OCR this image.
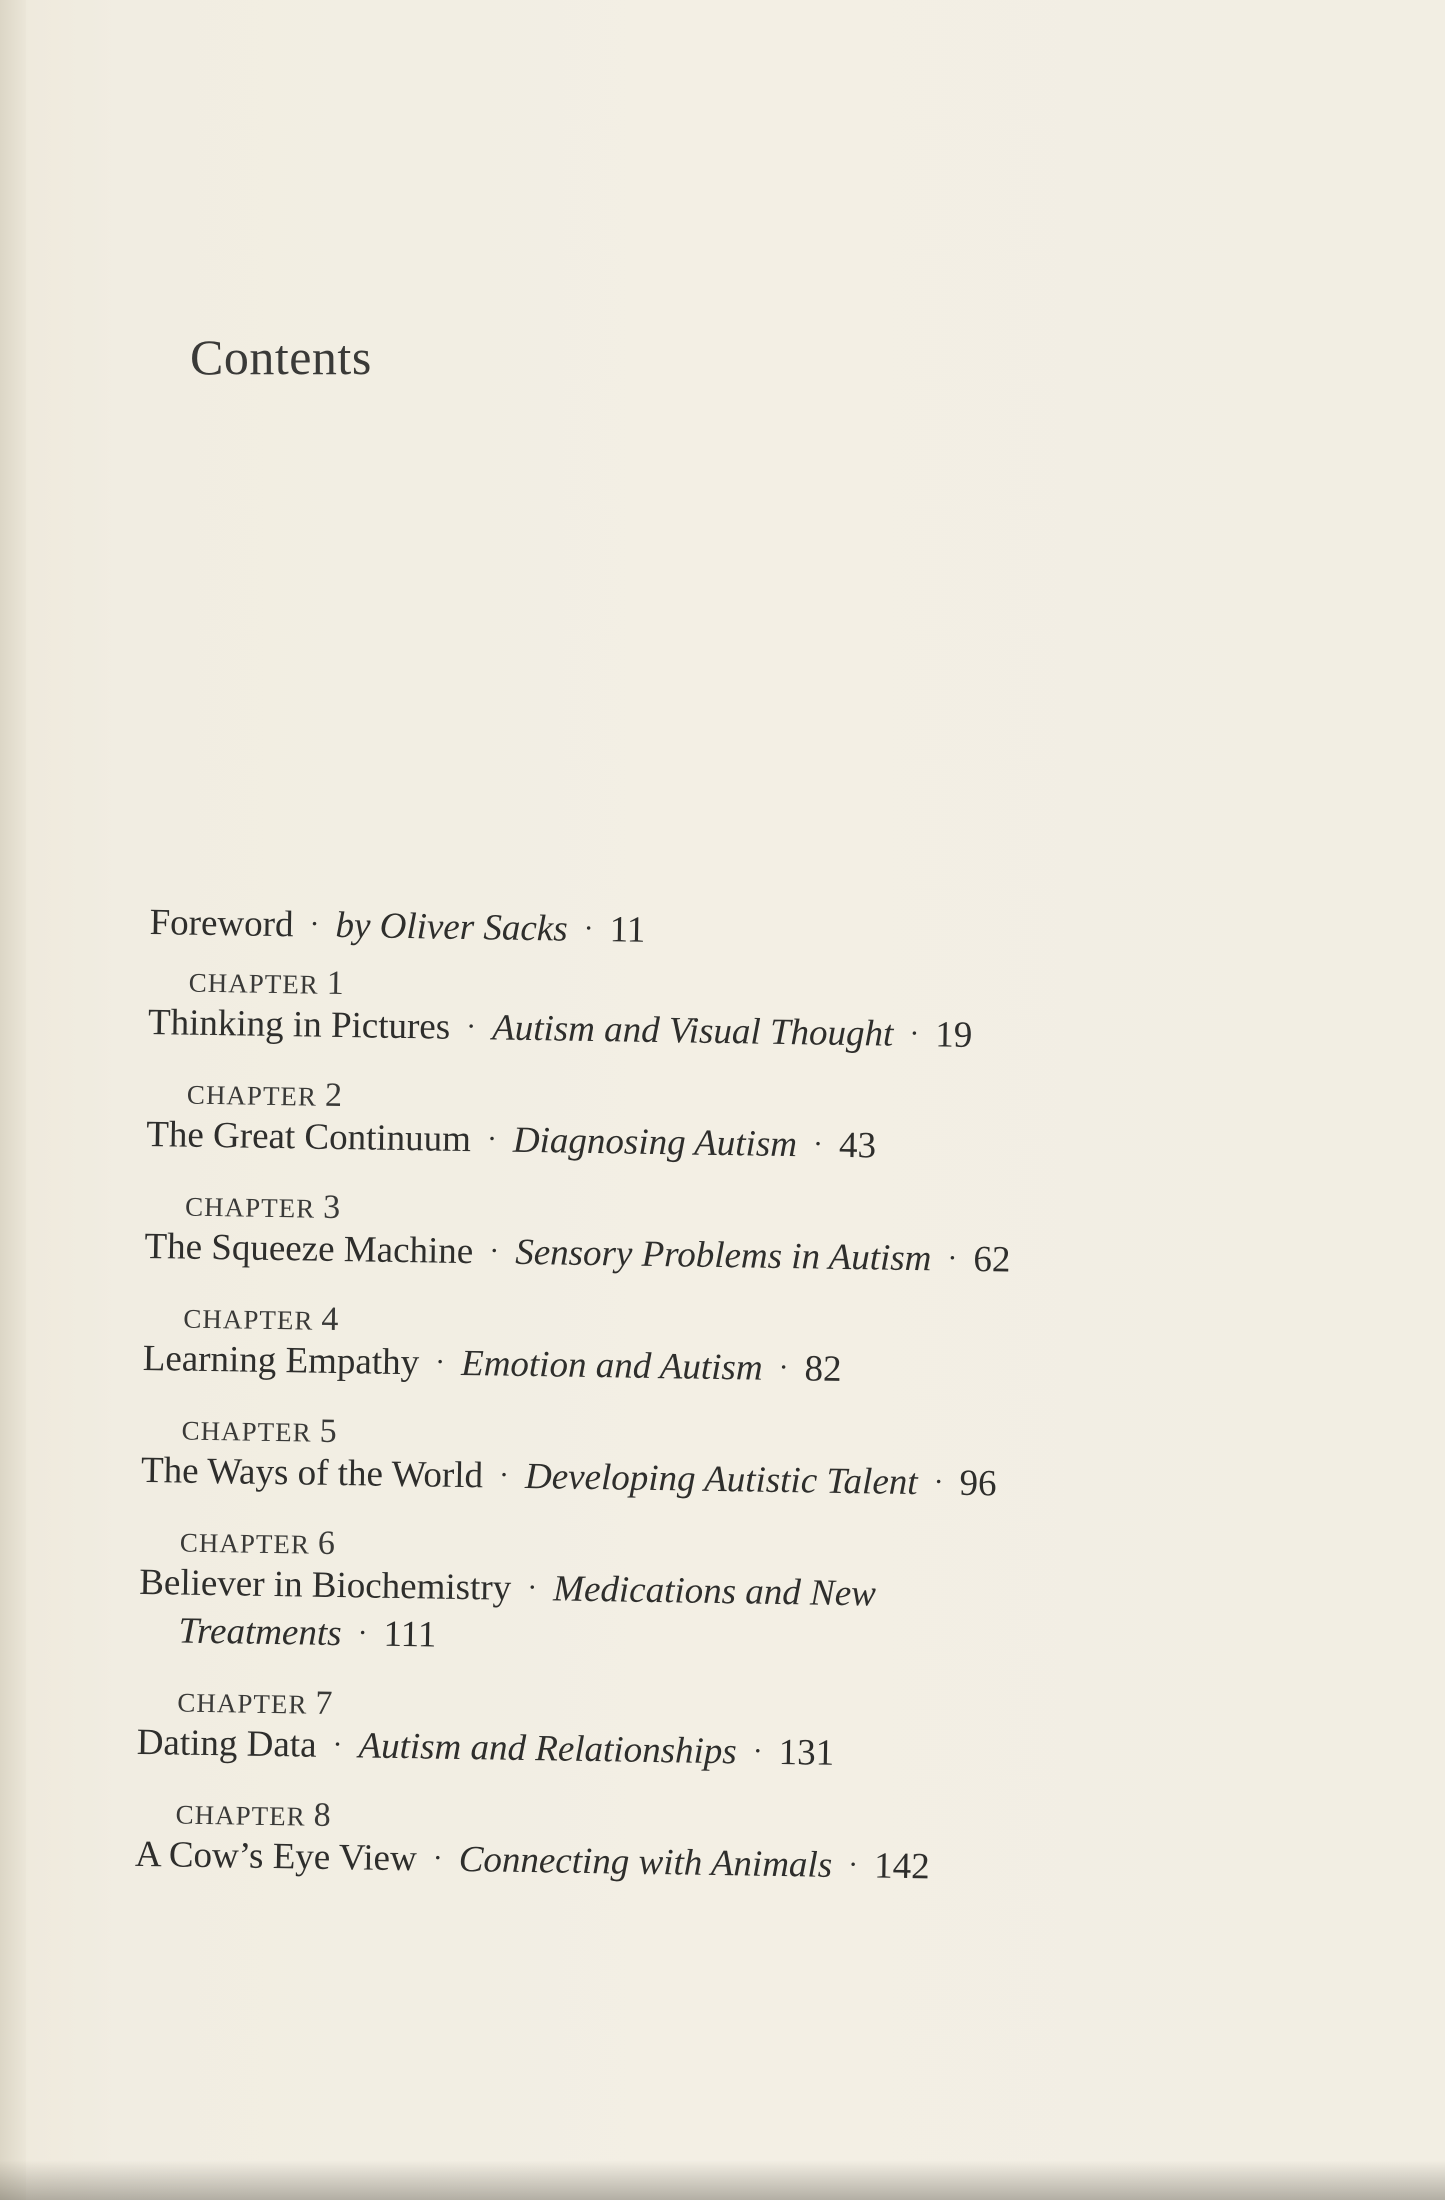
Contents
Foreword · by Oliver Sacks · 11
CHAPTER 1
Thinking in Pictures · Autism and Visual Thought · 19
CHAPTER 2
The Great Continuum · Diagnosing Autism · 43
CHAPTER 3
The Squeeze Machine · Sensory Problems in Autism · 62
CHAPTER 4
Learning Empathy · Emotion and Autism · 82
CHAPTER 5
The Ways of the World · Developing Autistic Talent · 96
CHAPTER 6
Believer in Biochemistry · Medications and New
Treatments · 111
CHAPTER 7
Dating Data · Autism and Relationships · 131
CHAPTER 8
A Cow’s Eye View · Connecting with Animals · 142
